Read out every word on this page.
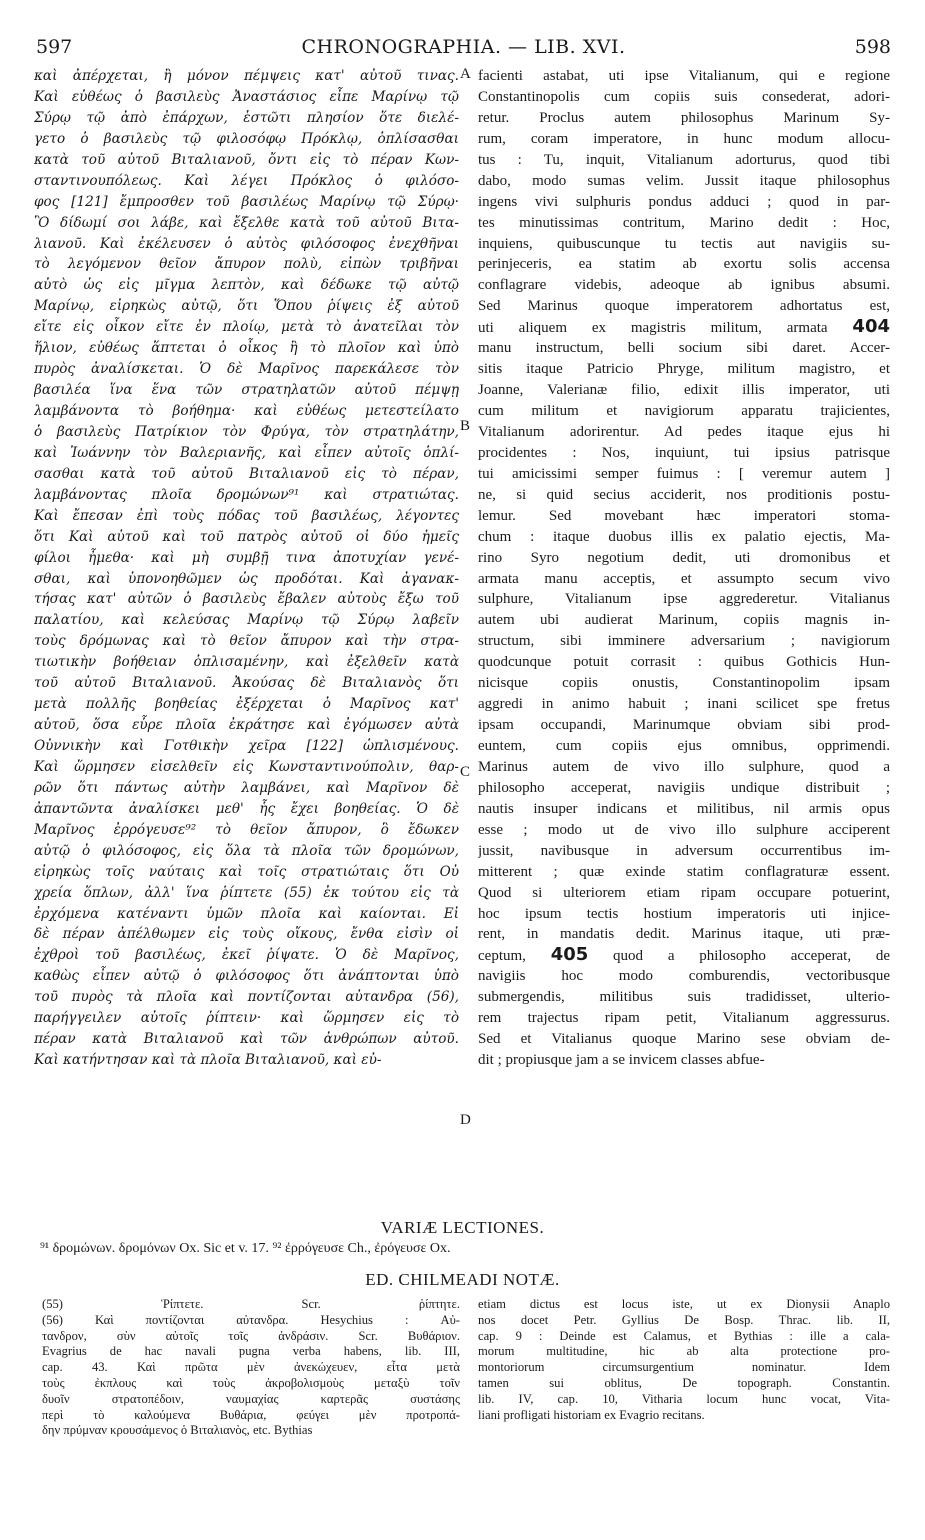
597	CHRONOGRAPHIA. — LIB. XVI.	598
καὶ ἀπέρχεται, ἢ μόνον πέμψεις κατ' αὐτοῦ τινας.
Καὶ εὐθέως ὁ βασιλεὺς Ἀναστάσιος εἶπε Μαρίνῳ τῷ
Σύρῳ τῷ ἀπὸ ἐπάρχων, ἑστῶτι πλησίον ὅτε διελέ-
γετο ὁ βασιλεὺς τῷ φιλοσόφῳ Πρόκλῳ, ὁπλίσασθαι
κατὰ τοῦ αὐτοῦ Βιταλιανοῦ, ὄντι εἰς τὸ πέραν Κων-
σταντινουπόλεως. Καὶ λέγει Πρόκλος ὁ φιλόσο-
φος [121] ἔμπροσθεν τοῦ βασιλέως Μαρίνῳ τῷ Σύρῳ·
Ὃ δίδωμί σοι λάβε, καὶ ἔξελθε κατὰ τοῦ αὐτοῦ Βιτα-
λιανοῦ. Καὶ ἐκέλευσεν ὁ αὐτὸς φιλόσοφος ἐνεχθῆναι
τὸ λεγόμενον θεῖον ἄπυρον πολὺ, εἰπὼν τριβῆναι
αὐτὸ ὡς εἰς μῖγμα λεπτὸν, καὶ δέδωκε τῷ αὐτῷ
Μαρίνῳ, εἰρηκὼς αὐτῷ, ὅτι Ὅπου ῥίψεις ἐξ αὐτοῦ
εἴτε εἰς οἶκον εἴτε ἐν πλοίῳ, μετὰ τὸ ἀνατεῖλαι τὸν
ἥλιον, εὐθέως ἅπτεται ὁ οἶκος ἢ τὸ πλοῖον καὶ ὑπὸ
πυρὸς ἀναλίσκεται. Ὁ δὲ Μαρῖνος παρεκάλεσε τὸν
βασιλέα ἵνα ἕνα τῶν στρατηλατῶν αὐτοῦ πέμψῃ
λαμβάνοντα τὸ βοήθημα· καὶ εὐθέως μετεστείλατο
ὁ βασιλεὺς Πατρίκιον τὸν Φρύγα, τὸν στρατηλάτην,
καὶ Ἰωάννην τὸν Βαλεριανῆς, καὶ εἶπεν αὐτοῖς ὁπλί-
σασθαι κατὰ τοῦ αὐτοῦ Βιταλιανοῦ εἰς τὸ πέραν,
λαμβάνοντας πλοῖα δρομώνων⁹¹ καὶ στρατιώτας.
Καὶ ἔπεσαν ἐπὶ τοὺς πόδας τοῦ βασιλέως, λέγοντες
ὅτι Καὶ αὐτοῦ καὶ τοῦ πατρὸς αὐτοῦ οἱ δύο ἡμεῖς
φίλοι ἦμεθα· καὶ μὴ συμβῇ τινα ἀποτυχίαν γενέ-
σθαι, καὶ ὑπονοηθῶμεν ὡς προδόται. Καὶ ἀγανακ-
τήσας κατ' αὐτῶν ὁ βασιλεὺς ἔβαλεν αὐτοὺς ἔξω τοῦ
παλατίου, καὶ κελεύσας Μαρίνῳ τῷ Σύρῳ λαβεῖν
τοὺς δρόμωνας καὶ τὸ θεῖον ἄπυρον καὶ τὴν στρα-
τιωτικὴν βοήθειαν ὁπλισαμένην, καὶ ἐξελθεῖν κατὰ
τοῦ αὐτοῦ Βιταλιανοῦ. Ἀκούσας δὲ Βιταλιανὸς ὅτι
μετὰ πολλῆς βοηθείας ἐξέρχεται ὁ Μαρῖνος κατ'
αὐτοῦ, ὅσα εὗρε πλοῖα ἐκράτησε καὶ ἐγόμωσεν αὐτὰ
Οὐννικὴν καὶ Γοτθικὴν χεῖρα [122] ὡπλισμένους.
Καὶ ὥρμησεν εἰσελθεῖν εἰς Κωνσταντινούπολιν, θαρ-
ρῶν ὅτι πάντως αὐτὴν λαμβάνει, καὶ Μαρῖνον δὲ
ἀπαντῶντα ἀναλίσκει μεθ' ἧς ἔχει βοηθείας. Ὁ δὲ
Μαρῖνος ἐρρόγευσε⁹² τὸ θεῖον ἄπυρον, ὃ ἔδωκεν
αὐτῷ ὁ φιλόσοφος, εἰς ὅλα τὰ πλοῖα τῶν δρομώνων,
εἰρηκὼς τοῖς ναύταις καὶ τοῖς στρατιώταις ὅτι Οὐ
χρεία ὅπλων, ἀλλ' ἵνα ῥίπτετε (55) ἐκ τούτου εἰς τὰ
ἐρχόμενα κατέναντι ὑμῶν πλοῖα καὶ καίονται. Εἰ
δὲ πέραν ἀπέλθωμεν εἰς τοὺς οἴκους, ἔνθα εἰσὶν οἱ
ἐχθροὶ τοῦ βασιλέως, ἐκεῖ ῥίψατε. Ὁ δὲ Μαρῖνος,
καθὼς εἶπεν αὐτῷ ὁ φιλόσοφος ὅτι ἀνάπτονται ὑπὸ
τοῦ πυρὸς τὰ πλοῖα καὶ ποντίζονται αὐτανδρα (56),
παρήγγειλεν αὐτοῖς ῥίπτειν· καὶ ὥρμησεν εἰς τὸ
πέραν κατὰ Βιταλιανοῦ καὶ τῶν ἀνθρώπων αὐτοῦ.
Καὶ κατήντησαν καὶ τὰ πλοῖα Βιταλιανοῦ, καὶ εὐ-
facienti astabat, uti ipse Vitalianum, qui e regione
Constantinopolis cum copiis suis consederat, adori-
retur. Proclus autem philosophus Marinum Sy-
rum, coram imperatore, in hunc modum allocu-
tus : Tu, inquit, Vitalianum adorturus, quod tibi
dabo, modo sumas velim. Jussit itaque philosophus
ingens vivi sulphuris pondus adduci ; quod in par-
tes minutissimas contritum, Marino dedit : Hoc,
inquiens, quibuscunque tu tectis aut navigiis su-
perinjeceris, ea statim ab exortu solis accensa
conflagrare videbis, adeoque ab ignibus absumi.
Sed Marinus quoque imperatorem adhortatus est,
uti aliquem ex magistris militum, armata 404
manu instructum, belli socium sibi daret. Accer-
sitis itaque Patricio Phryge, militum magistro, et
Joanne, Valerianæ filio, edixit illis imperator, uti
cum militum et navigiorum apparatu trajicientes,
Vitalianum adorirentur. Ad pedes itaque ejus hi
procidentes : Nos, inquiunt, tui ipsius patrisque
tui amicissimi semper fuimus : [ veremur autem ]
ne, si quid secius acciderit, nos proditionis postu-
lemur. Sed movebant hæc imperatori stoma-
chum : itaque duobus illis ex palatio ejectis, Ma-
rino Syro negotium dedit, uti dromonibus et
armata manu acceptis, et assumpto secum vivo
sulphure, Vitalianum ipse aggrederetur. Vitalianus
autem ubi audierat Marinum, copiis magnis in-
structum, sibi imminere adversarium ; navigiorum
quodcunque potuit corrasit : quibus Gothicis Hun-
nicisque copiis onustis, Constantinopolim ipsam
aggredi in animo habuit ; inani scilicet spe fretus
ipsam occupandi, Marinumque obviam sibi prod-
euntem, cum copiis ejus omnibus, opprimendi.
Marinus autem de vivo illo sulphure, quod a
philosopho acceperat, navigiis undique distribuit ;
nautis insuper indicans et militibus, nil armis opus
esse ; modo ut de vivo illo sulphure acciperent
jussit, navibusque in adversum occurrentibus im-
mitterent ; quæ exinde statim conflagraturæ essent.
Quod si ulteriorem etiam ripam occupare potuerint,
hoc ipsum tectis hostium imperatoris uti injice-
rent, in mandatis dedit. Marinus itaque, uti præ-
ceptum, 405 quod a philosopho acceperat, de
navigiis hoc modo comburendis, vectoribusque
submergendis, militibus suis tradidisset, ulterio-
rem trajectus ripam petit, Vitalianum aggressurus.
Sed et Vitalianus quoque Marino sese obviam de-
dit ; propiusque jam a se invicem classes abfue-
A
B
C
D
VARIÆ LECTIONES.
⁹¹ δρομώνων. δρομόνων Ox. Sic et v. 17. ⁹² ἐρρόγευσε Ch., ἐρόγευσε Ox.
ED. CHILMEADI NOTÆ.
(55) Ῥίπτετε. Scr. ῥίπτητε.
(56) Καὶ ποντίζονται αὐτανδρα. Hesychius : Αὐ-
τανδρον, σὺν αὐτοῖς τοῖς ἀνδράσιν. Scr. Βυθάριον.
Evagrius de hac navali pugna verba habens, lib. III,
cap. 43. Καὶ πρῶτα μὲν ἀνεκώχευεν, εἶτα μετὰ
τοὺς ἐκπλους καὶ τοὺς ἀκροβολισμοὺς μεταξὺ τοῖν
δυοῖν στρατοπέδοιν, ναυμαχίας καρτερᾶς συστάσης
περὶ τὸ καλούμενα Βυθάρια, φεύγει μὲν προτροπά-
δην πρύμναν κρουσάμενος ὁ Βιταλιανὸς, etc. Bythias
etiam dictus est locus iste, ut ex Dionysii Anaplo
nos docet Petr. Gyllius De Bosp. Thrac. lib. II,
cap. 9 : Deinde est Calamus, et Bythias : ille a cala-
morum multitudine, hic ab alta protectione pro-
montoriorum circumsurgentium nominatur. Idem
tamen sui oblitus, De topograph. Constantin.
lib. IV, cap. 10, Vitharia locum hunc vocat, Vita-
liani profligati historiam ex Evagrio recitans.
